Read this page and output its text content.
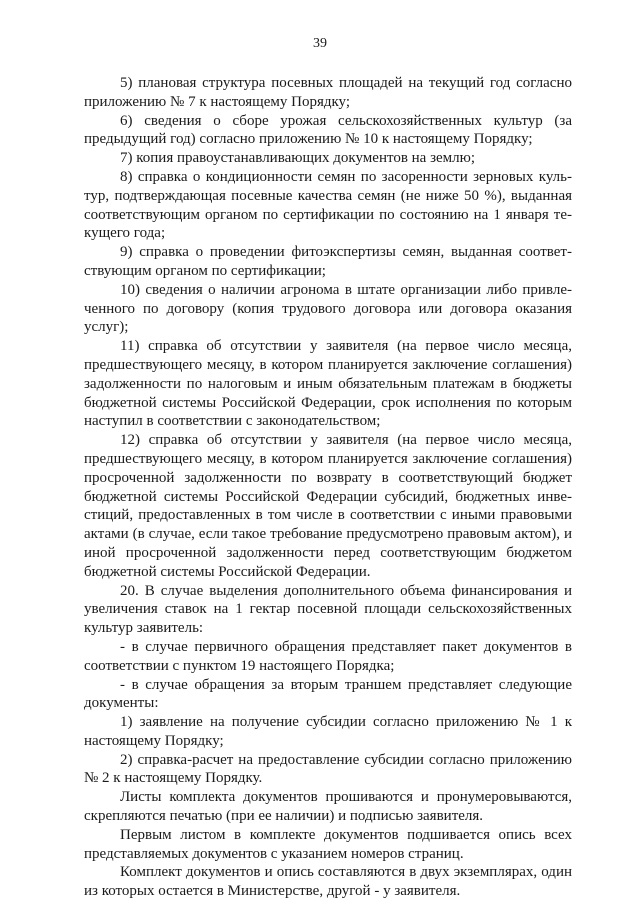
39

5) плановая структура посевных площадей на текущий год согласно приложению № 7 к настоящему Порядку;

6) сведения о сборе урожая сельскохозяйственных культур (за предыдущий год) согласно приложению № 10 к настоящему Порядку;

7) копия правоустанавливающих документов на землю;

8) справка о кондиционности семян по засоренности зерновых культур, подтверждающая посевные качества семян (не ниже 50 %), выданная соответствующим органом по сертификации по состоянию на 1 января текущего года;

9) справка о проведении фитоэкспертизы семян, выданная соответствующим органом по сертификации;

10) сведения о наличии агронома в штате организации либо привлеченного по договору (копия трудового договора или договора оказания услуг);

11) справка об отсутствии у заявителя (на первое число месяца, предшествующего месяцу, в котором планируется заключение соглашения) задолженности по налоговым и иным обязательным платежам в бюджеты бюджетной системы Российской Федерации, срок исполнения по которым наступил в соответствии с законодательством;

12) справка об отсутствии у заявителя (на первое число месяца, предшествующего месяцу, в котором планируется заключение соглашения) просроченной задолженности по возврату в соответствующий бюджет бюджетной системы Российской Федерации субсидий, бюджетных инвестиций, предоставленных в том числе в соответствии с иными правовыми актами (в случае, если такое требование предусмотрено правовым актом), и иной просроченной задолженности перед соответствующим бюджетом бюджетной системы Российской Федерации.

20. В случае выделения дополнительного объема финансирования и увеличения ставок на 1 гектар посевной площади сельскохозяйственных культур заявитель:

- в случае первичного обращения представляет пакет документов в соответствии с пунктом 19 настоящего Порядка;

- в случае обращения за вторым траншем представляет следующие документы:

1) заявление на получение субсидии согласно приложению № 1 к настоящему Порядку;

2) справка-расчет на предоставление субсидии согласно приложению № 2 к настоящему Порядку.

Листы комплекта документов прошиваются и пронумеровываются, скрепляются печатью (при ее наличии) и подписью заявителя.

Первым листом в комплекте документов подшивается опись всех представляемых документов с указанием номеров страниц.

Комплект документов и опись составляются в двух экземплярах, один из которых остается в Министерстве, другой - у заявителя.
